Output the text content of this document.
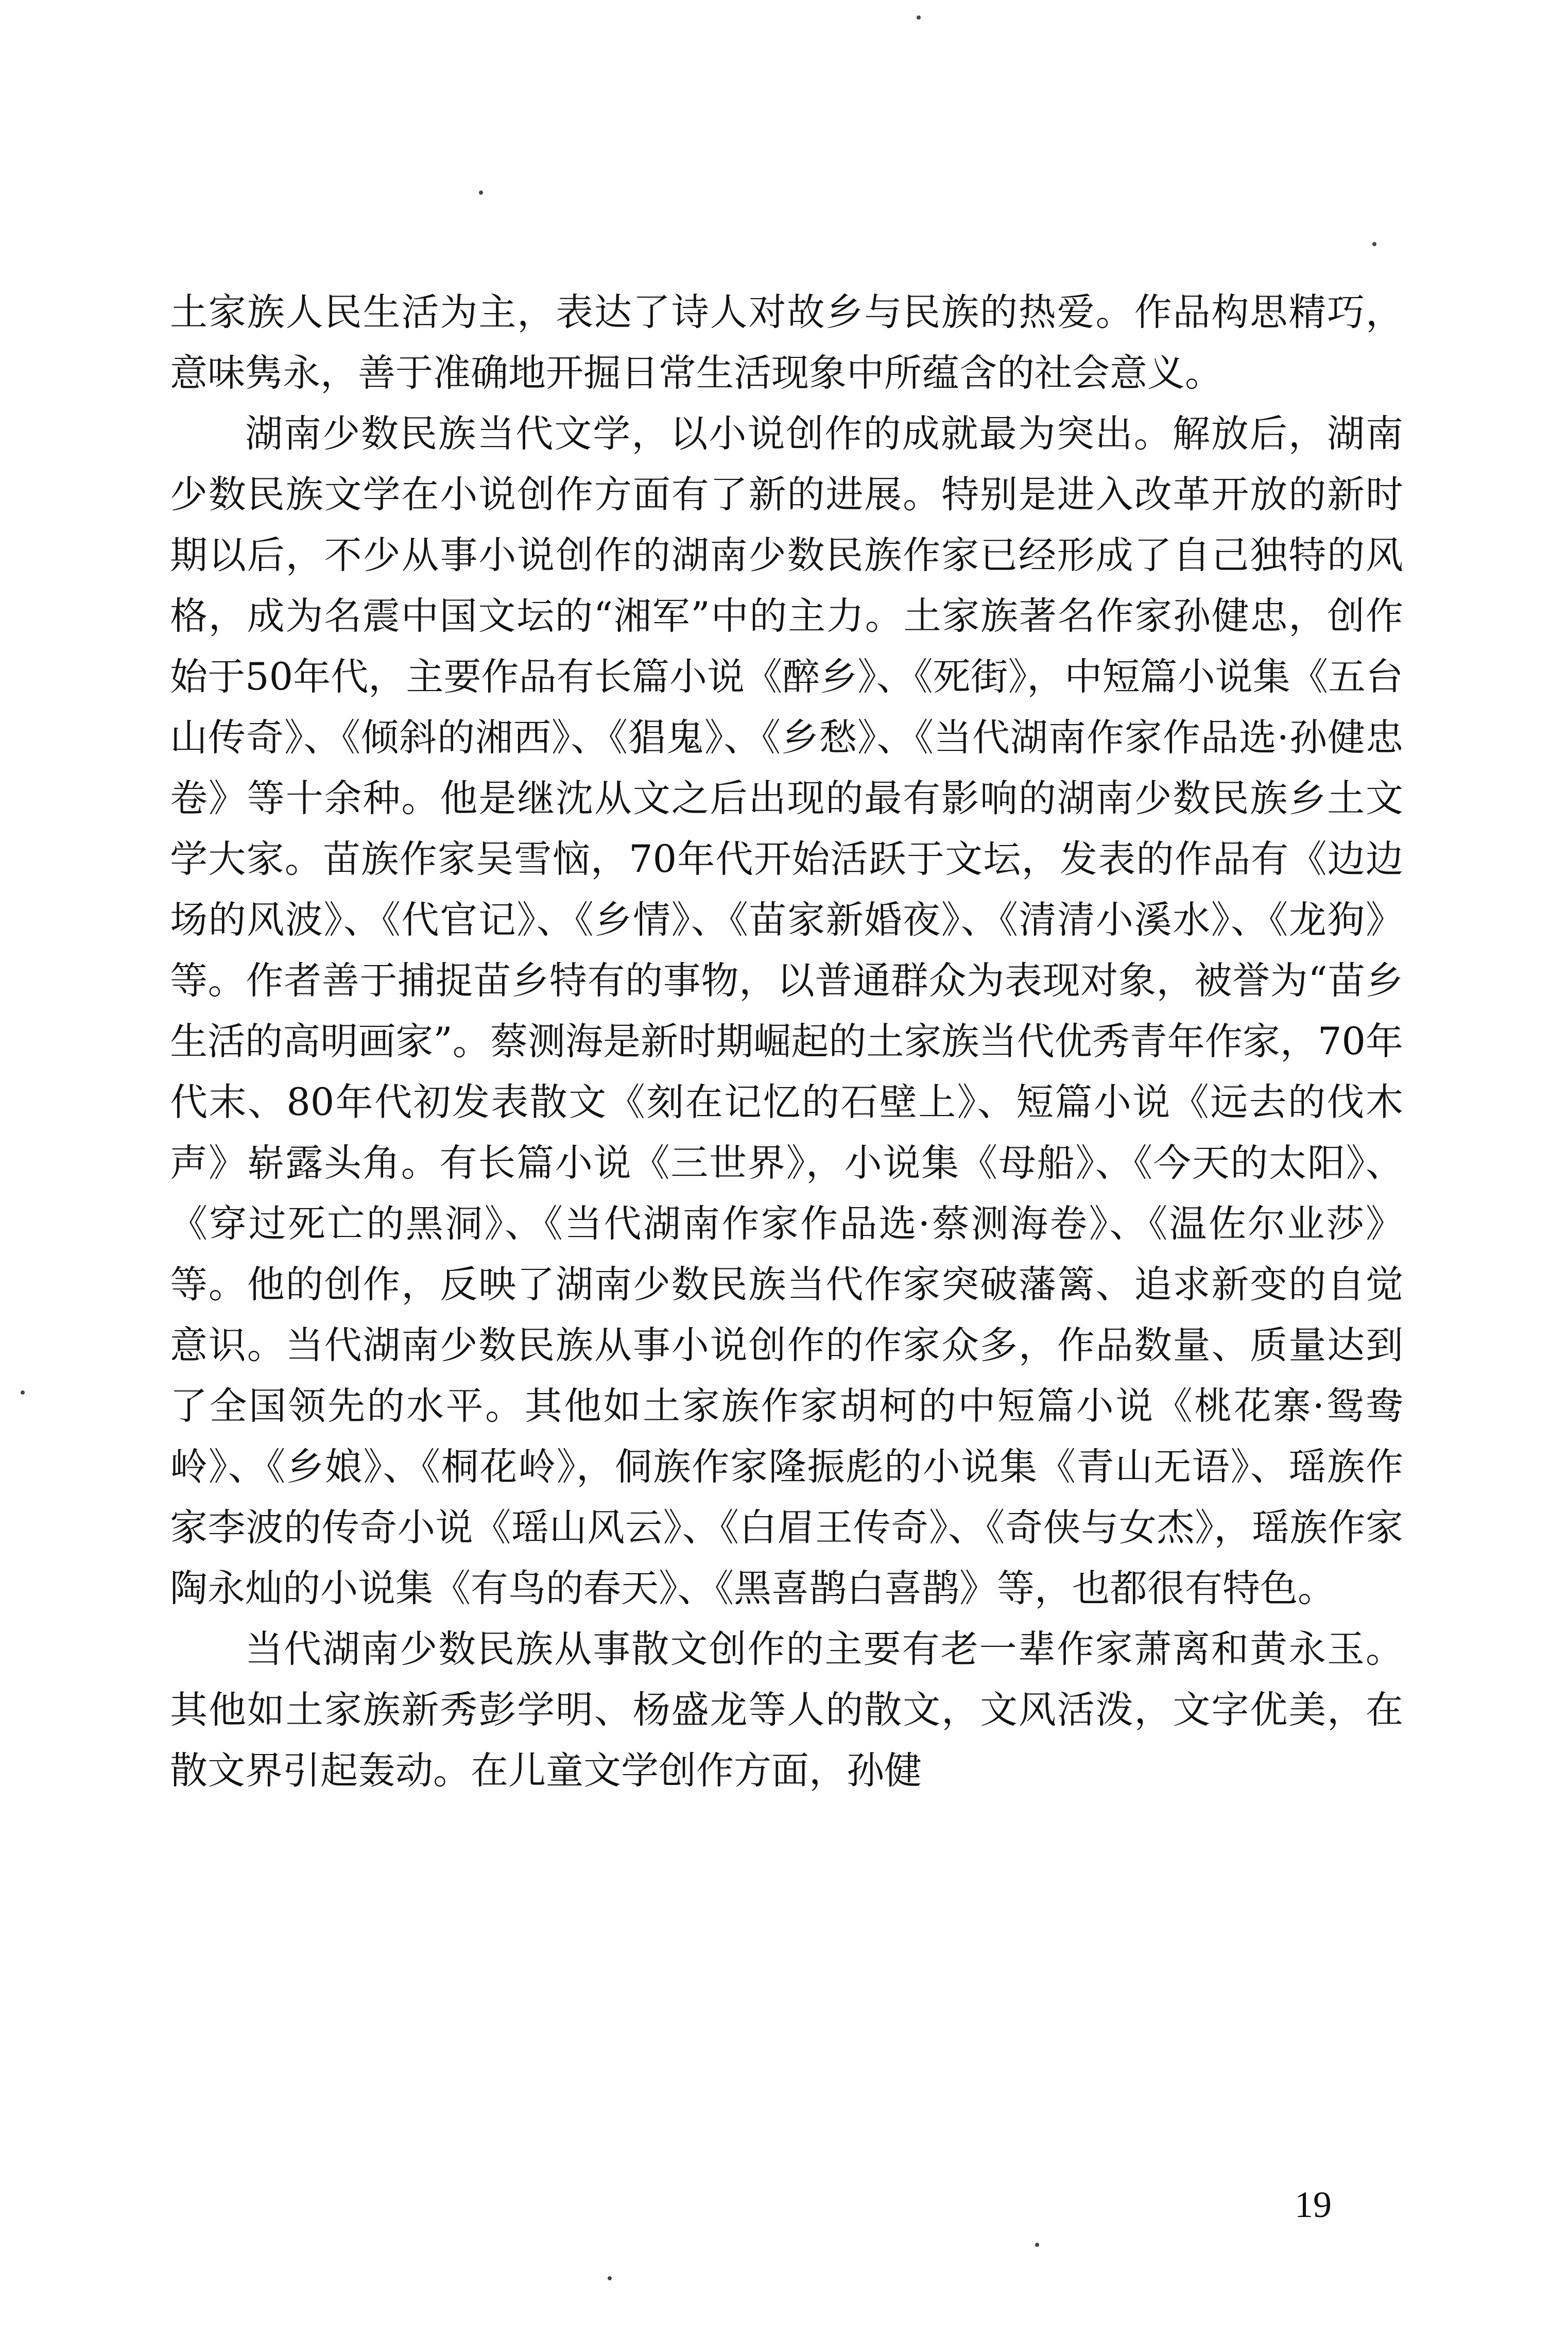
土家族人民生活为主，表达了诗人对故乡与民族的热爱。作品构思精巧，意味隽永，善于准确地开掘日常生活现象中所蕴含的社会意义。

湖南少数民族当代文学，以小说创作的成就最为突出。解放后，湖南少数民族文学在小说创作方面有了新的进展。特别是进入改革开放的新时期以后，不少从事小说创作的湖南少数民族作家已经形成了自己独特的风格，成为名震中国文坛的“湘军”中的主力。土家族著名作家孙健忠，创作始于50年代，主要作品有长篇小说《醉乡》、《死街》，中短篇小说集《五台山传奇》、《倾斜的湘西》、《猖鬼》、《乡愁》、《当代湖南作家作品选·孙健忠卷》等十余种。他是继沈从文之后出现的最有影响的湖南少数民族乡土文学大家。苗族作家吴雪恼，70年代开始活跃于文坛，发表的作品有《边边场的风波》、《代官记》、《乡情》、《苗家新婚夜》、《清清小溪水》、《龙狗》等。作者善于捕捉苗乡特有的事物，以普通群众为表现对象，被誉为“苗乡生活的高明画家”。蔡测海是新时期崛起的土家族当代优秀青年作家，70年代末、80年代初发表散文《刻在记忆的石壁上》、短篇小说《远去的伐木声》崭露头角。有长篇小说《三世界》，小说集《母船》、《今天的太阳》、《穿过死亡的黑洞》、《当代湖南作家作品选·蔡测海卷》、《温佐尔业莎》等。他的创作，反映了湖南少数民族当代作家突破藩篱、追求新变的自觉意识。当代湖南少数民族从事小说创作的作家众多，作品数量、质量达到了全国领先的水平。其他如土家族作家胡柯的中短篇小说《桃花寨·鸳鸯岭》、《乡娘》、《桐花岭》，侗族作家隆振彪的小说集《青山无语》、瑶族作家李波的传奇小说《瑶山风云》、《白眉王传奇》、《奇侠与女杰》，瑶族作家陶永灿的小说集《有鸟的春天》、《黑喜鹊白喜鹊》等，也都很有特色。

当代湖南少数民族从事散文创作的主要有老一辈作家萧离和黄永玉。其他如土家族新秀彭学明、杨盛龙等人的散文，文风活泼，文字优美，在散文界引起轰动。在儿童文学创作方面，孙健

19
